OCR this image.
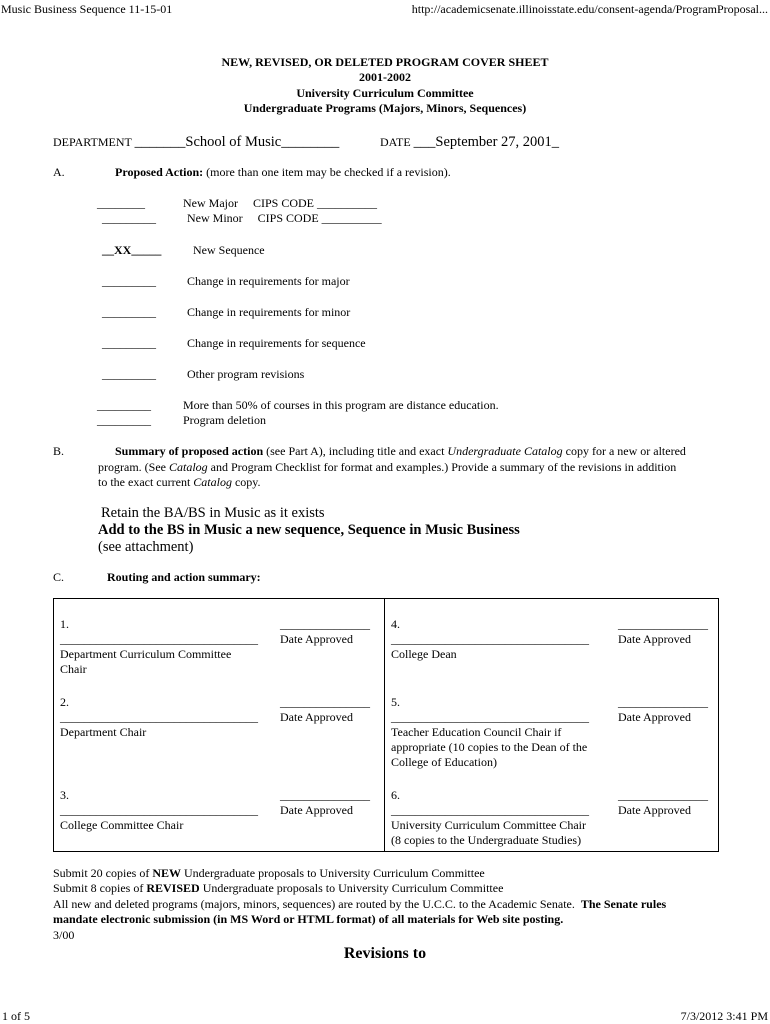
Music Business Sequence 11-15-01	http://academicsenate.illinoisstate.edu/consent-agenda/ProgramProposal...
NEW, REVISED, OR DELETED PROGRAM COVER SHEET
2001-2002
University Curriculum Committee
Undergraduate Programs (Majors, Minors, Sequences)
DEPARTMENT _______School of Music________	DATE ___September 27, 2001_
A.	Proposed Action: (more than one item may be checked if a revision).
________	New Major     CIPS CODE __________
_________	New Minor     CIPS CODE __________
__XX_____	New Sequence
_________	Change in requirements for major
_________	Change in requirements for minor
_________	Change in requirements for sequence
_________	Other program revisions
_________	More than 50% of courses in this program are distance education.
_________	Program deletion
B.	Summary of proposed action (see Part A), including title and exact Undergraduate Catalog copy for a new or altered
program. (See Catalog and Program Checklist for format and examples.) Provide a summary of the revisions in addition
to the exact current Catalog copy.
Retain the BA/BS in Music as it exists
Add to the BS in Music a new sequence, Sequence in Music Business
(see attachment)
C.	Routing and action summary:
1.
_________________________________
Department Curriculum Committee
Chair
_______________
Date Approved
2.
_________________________________
Department Chair
_______________
Date Approved
3.
_________________________________
College Committee Chair
_______________
Date Approved
4.
_________________________________
College Dean
_______________
Date Approved
5.
_________________________________
Teacher Education Council Chair if
appropriate (10 copies to the Dean of the
College of Education)
_______________
Date Approved
6.
_________________________________
University Curriculum Committee Chair
(8 copies to the Undergraduate Studies)
_______________
Date Approved
Submit 20 copies of NEW Undergraduate proposals to University Curriculum Committee
Submit 8 copies of REVISED Undergraduate proposals to University Curriculum Committee
All new and deleted programs (majors, minors, sequences) are routed by the U.C.C. to the Academic Senate.  The Senate rules
mandate electronic submission (in MS Word or HTML format) of all materials for Web site posting.
3/00
Revisions to
1 of 5	7/3/2012 3:41 PM
